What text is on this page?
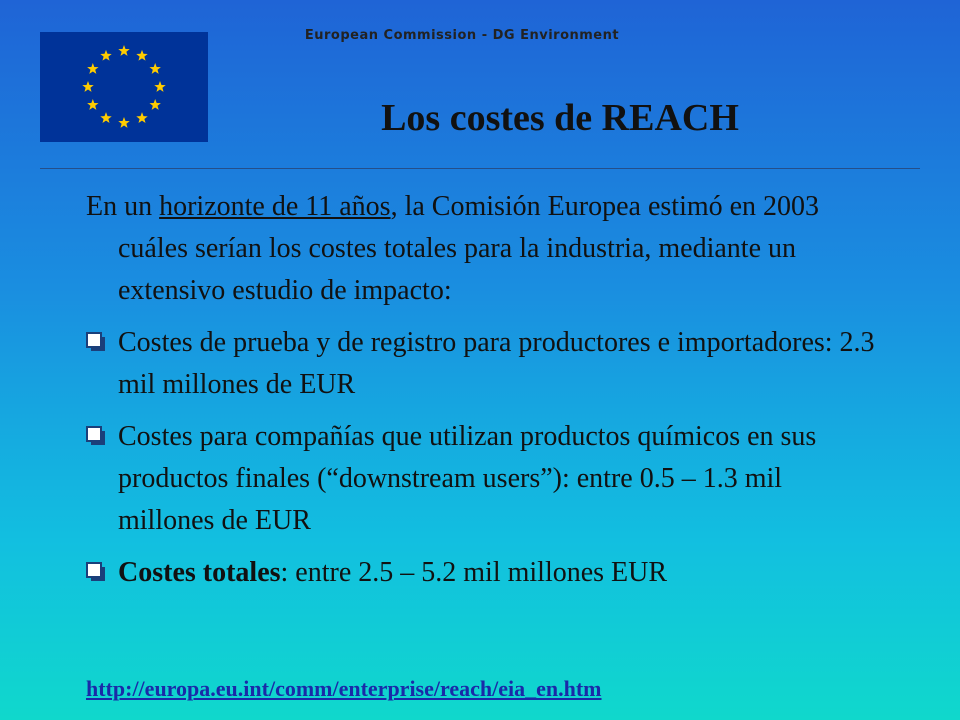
European Commission - DG Environment
Los costes de REACH

En un horizonte de 11 años, la Comisión Europea estimó en 2003 cuáles serían los costes totales para la industria, mediante un extensivo estudio de impacto:

Costes de prueba y de registro para productores e importadores: 2.3 mil millones de EUR

Costes para compañías que utilizan productos químicos en sus productos finales (“downstream users”): entre 0.5 – 1.3 mil millones de EUR

Costes totales: entre 2.5 – 5.2 mil millones EUR

http://europa.eu.int/comm/enterprise/reach/eia_en.htm
